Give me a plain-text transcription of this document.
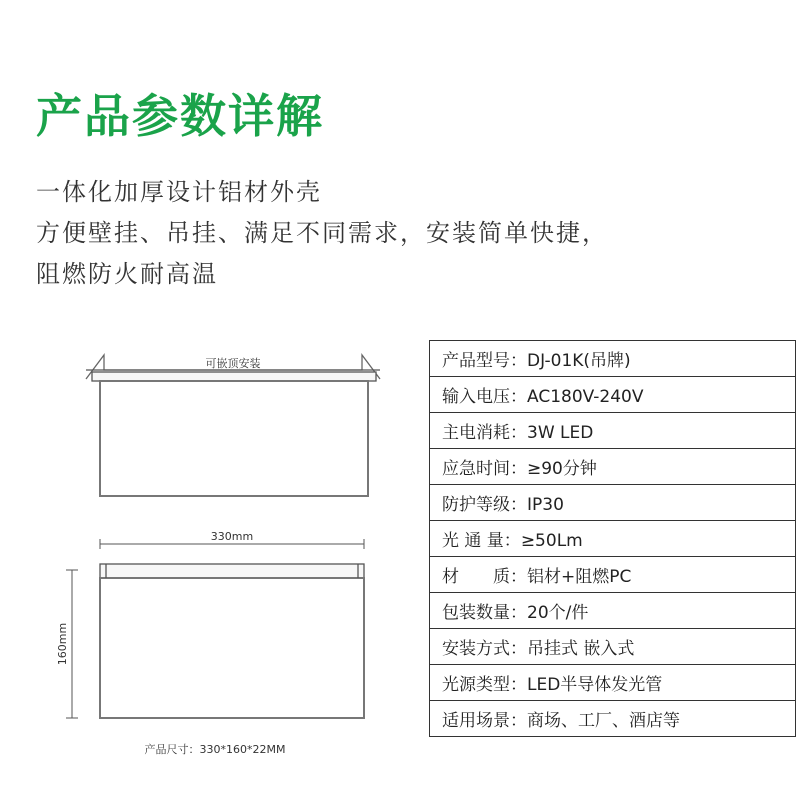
产品参数详解
一体化加厚设计铝材外壳
方便壁挂、吊挂、满足不同需求，安装简单快捷，
阻燃防火耐高温
可嵌顶安装
330mm
160mm
产品尺寸：330*160*22MM
产品型号：DJ-01K(吊牌)
输入电压：AC180V-240V
主电消耗：3W LED
应急时间：≥90分钟
防护等级：IP30
光 通 量：≥50Lm
材　　质：铝材+阻燃PC
包装数量：20个/件
安装方式：吊挂式 嵌入式
光源类型：LED半导体发光管
适用场景：商场、工厂、酒店等
